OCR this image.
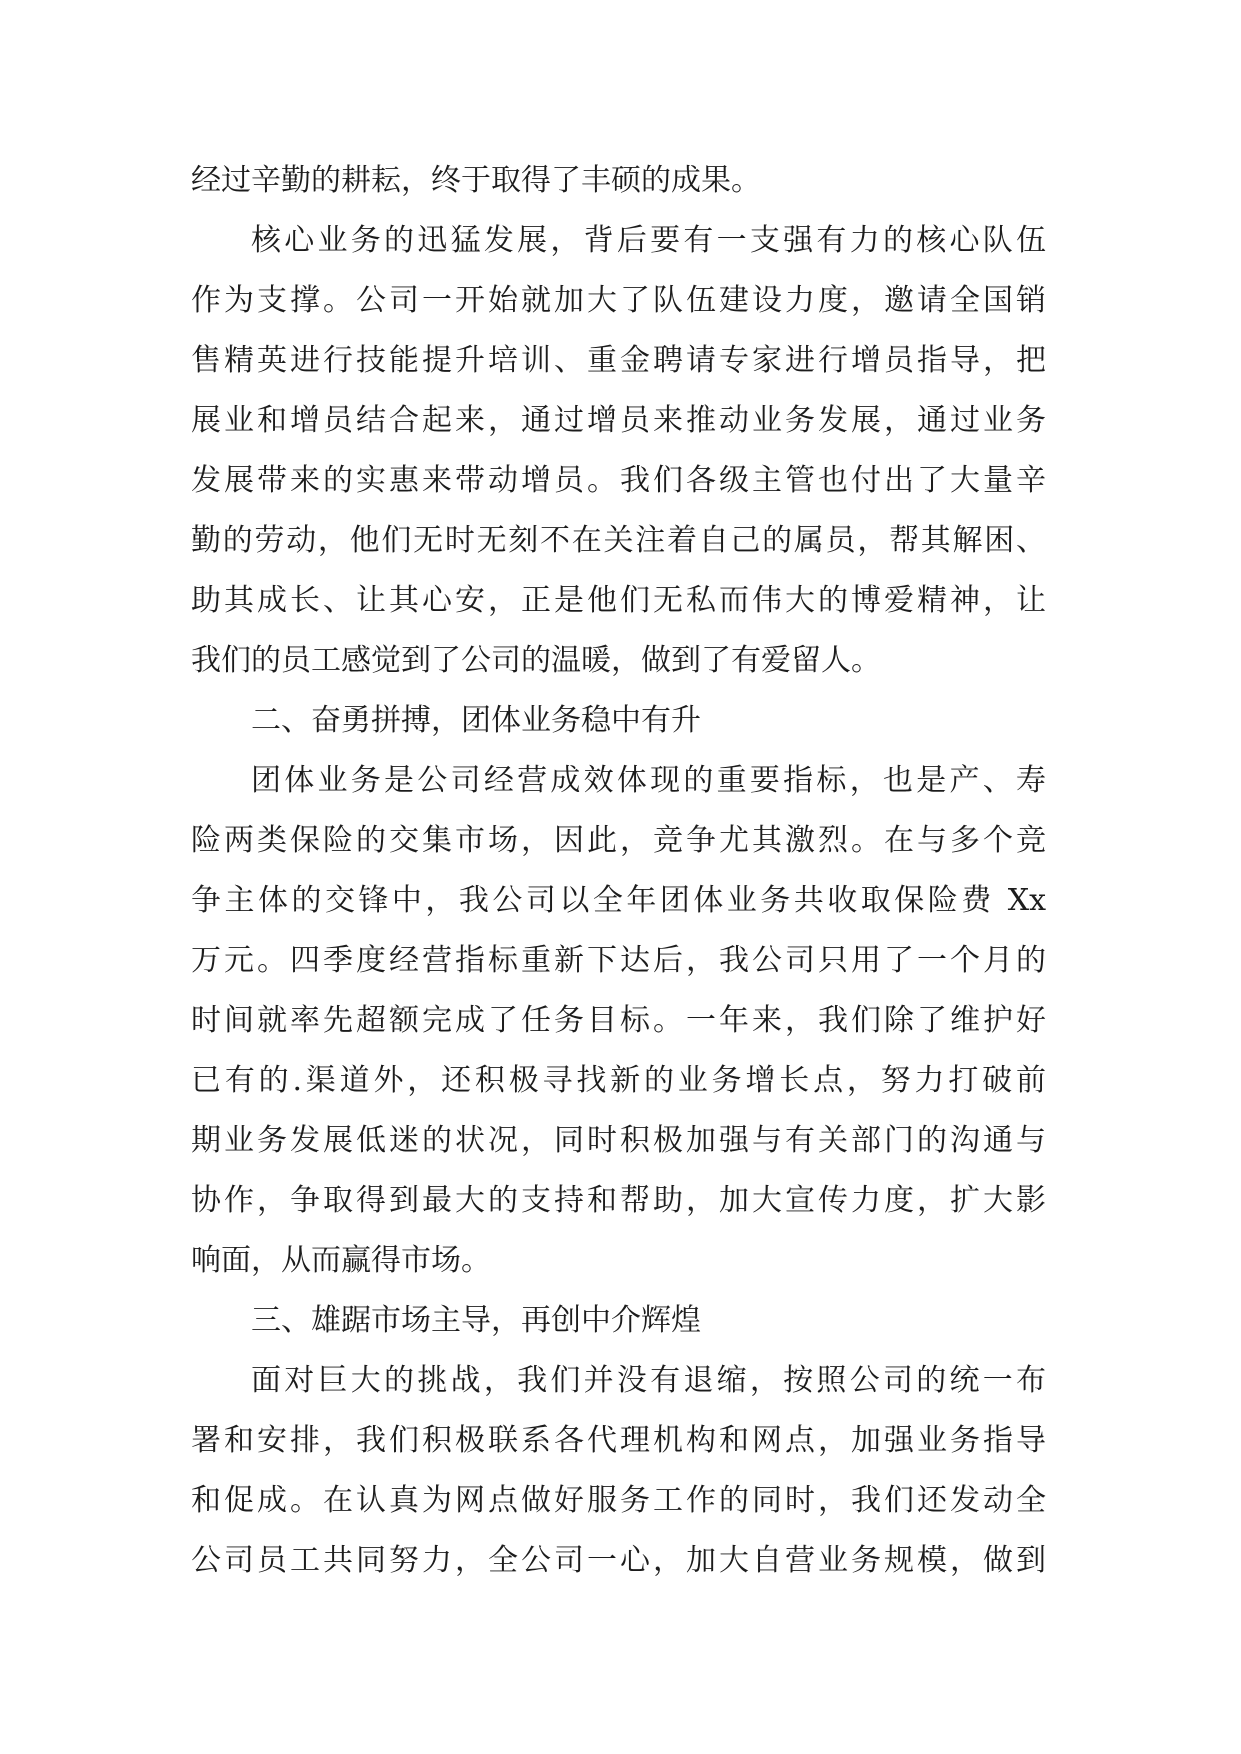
经过辛勤的耕耘，终于取得了丰硕的成果。
核心业务的迅猛发展，背后要有一支强有力的核心队伍
作为支撑。公司一开始就加大了队伍建设力度，邀请全国销
售精英进行技能提升培训、重金聘请专家进行增员指导，把
展业和增员结合起来，通过增员来推动业务发展，通过业务
发展带来的实惠来带动增员。我们各级主管也付出了大量辛
勤的劳动，他们无时无刻不在关注着自己的属员，帮其解困、
助其成长、让其心安，正是他们无私而伟大的博爱精神，让
我们的员工感觉到了公司的温暖，做到了有爱留人。
二、奋勇拼搏，团体业务稳中有升
团体业务是公司经营成效体现的重要指标，也是产、寿
险两类保险的交集市场，因此，竞争尤其激烈。在与多个竞
争主体的交锋中，我公司以全年团体业务共收取保险费 Xx
万元。四季度经营指标重新下达后，我公司只用了一个月的
时间就率先超额完成了任务目标。一年来，我们除了维护好
已有的.渠道外，还积极寻找新的业务增长点，努力打破前
期业务发展低迷的状况，同时积极加强与有关部门的沟通与
协作，争取得到最大的支持和帮助，加大宣传力度，扩大影
响面，从而赢得市场。
三、雄踞市场主导，再创中介辉煌
面对巨大的挑战，我们并没有退缩，按照公司的统一布
署和安排，我们积极联系各代理机构和网点，加强业务指导
和促成。在认真为网点做好服务工作的同时，我们还发动全
公司员工共同努力，全公司一心，加大自营业务规模，做到
